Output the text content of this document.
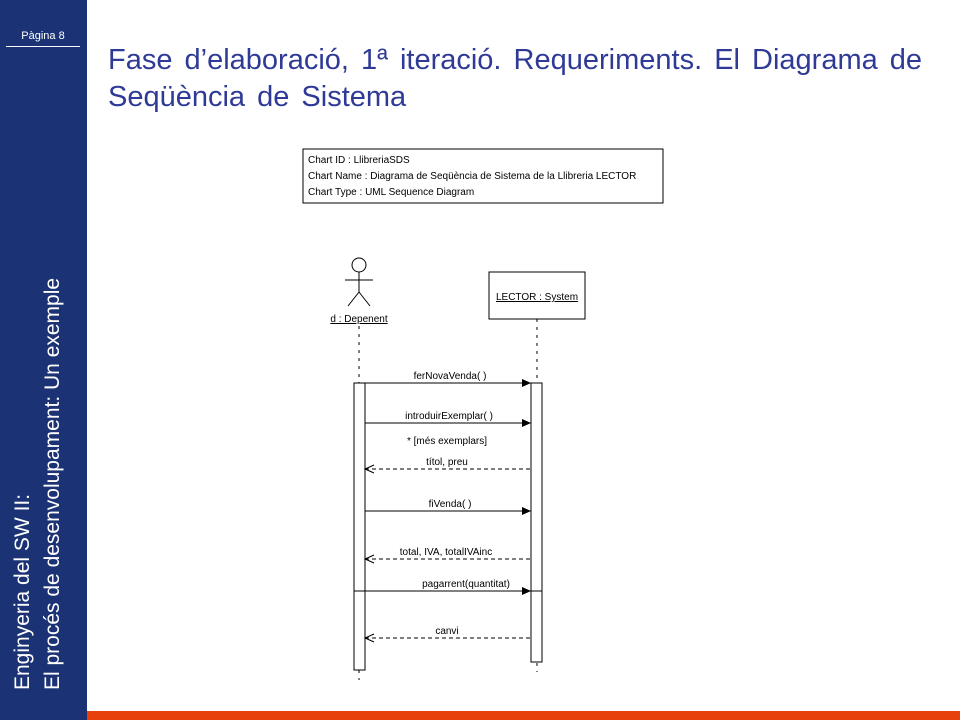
Pàgina 8
Enginyeria del SW II: El procés de desenvolupament: Un exemple
Fase d’elaboració, 1ª iteració. Requeriments. El Diagrama de Seqüència de Sistema
Chart ID : LlibreriaSDS
Chart Name : Diagrama de Seqüència de Sistema de la Llibreria LECTOR
Chart Type : UML Sequence Diagram
d : Depenent
LECTOR : System
ferNovaVenda( )
introduirExemplar( )
* [més exemplars]
títol, preu
fiVenda( )
total, IVA, totalIVAinc
pagarrent(quantitat)
canvi
